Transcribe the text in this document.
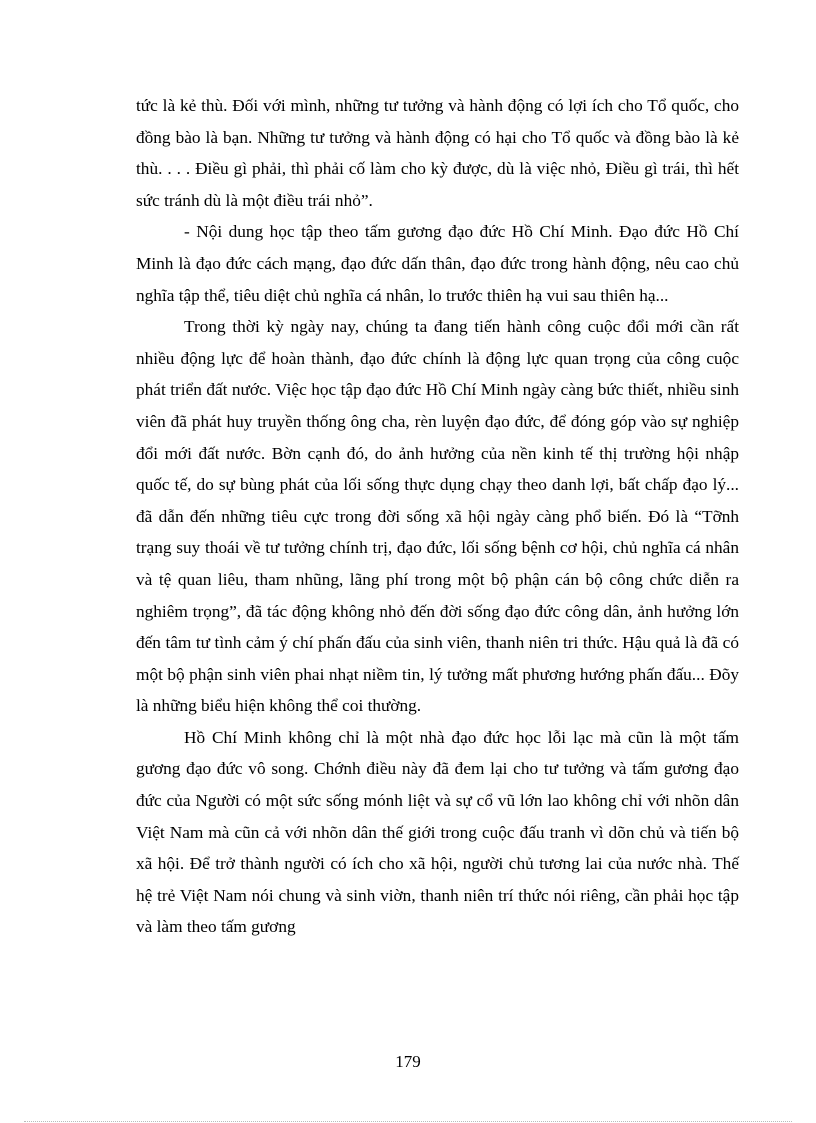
tức là kẻ thù. Đối với mình, những tư tưởng và hành động có lợi ích cho Tổ quốc, cho đồng bào là bạn. Những tư tưởng và hành động có hại cho Tổ quốc và đồng bào là kẻ thù. . . . Điều gì phải, thì phải cố làm cho kỳ được, dù là việc nhỏ, Điều gì trái, thì hết sức tránh dù là một điều trái nhỏ”.

- Nội dung học tập theo tấm gương đạo đức Hồ Chí Minh. Đạo đức Hồ Chí Minh là đạo đức cách mạng, đạo đức dấn thân, đạo đức trong hành động, nêu cao chủ nghĩa tập thể, tiêu diệt chủ nghĩa cá nhân, lo trước thiên hạ vui sau thiên hạ...

Trong thời kỳ ngày nay, chúng ta đang tiến hành công cuộc đổi mới cần rất nhiều động lực để hoàn thành, đạo đức chính là động lực quan trọng của công cuộc phát triển đất nước. Việc học tập đạo đức Hồ Chí Minh ngày càng bức thiết, nhiều sinh viên đã phát huy truyền thống ông cha, rèn luyện đạo đức, để đóng góp vào sự nghiệp đổi mới đất nước. Bờn cạnh đó, do ảnh hưởng của nền kinh tế thị trường hội nhập quốc tế, do sự bùng phát của lối sống thực dụng chạy theo danh lợi, bất chấp đạo lý... đã dẫn đến những tiêu cực trong đời sống xã hội ngày càng phổ biến. Đó là “Tỡnh trạng suy thoái về tư tưởng chính trị, đạo đức, lối sống bệnh cơ hội, chủ nghĩa cá nhân và tệ quan liêu, tham nhũng, lãng phí trong một bộ phận cán bộ công chức diễn ra nghiêm trọng”, đã tác động không nhỏ đến đời sống đạo đức công dân, ảnh hưởng lớn đến tâm tư tình cảm ý chí phấn đấu của sinh viên, thanh niên tri thức. Hậu quả là đã có một bộ phận sinh viên phai nhạt niềm tin, lý tưởng mất phương hướng phấn đấu... Đõy là những biểu hiện không thể coi thường.

Hồ Chí Minh không chỉ là một nhà đạo đức học lỗi lạc mà cũn là một tấm gương đạo đức vô song. Chớnh điều này đã đem lại cho tư tưởng và tấm gương đạo đức của Người có một sức sống mónh liệt và sự cổ vũ lớn lao không chỉ với nhõn dân Việt Nam mà cũn cả với nhõn dân thế giới trong cuộc đấu tranh vì dõn chủ và tiến bộ xã hội. Để trở thành người có ích cho xã hội, người chủ tương lai của nước nhà. Thế hệ trẻ Việt Nam nói chung và sinh viờn, thanh niên trí thức nói riêng, cần phải học tập và làm theo tấm gương

179
